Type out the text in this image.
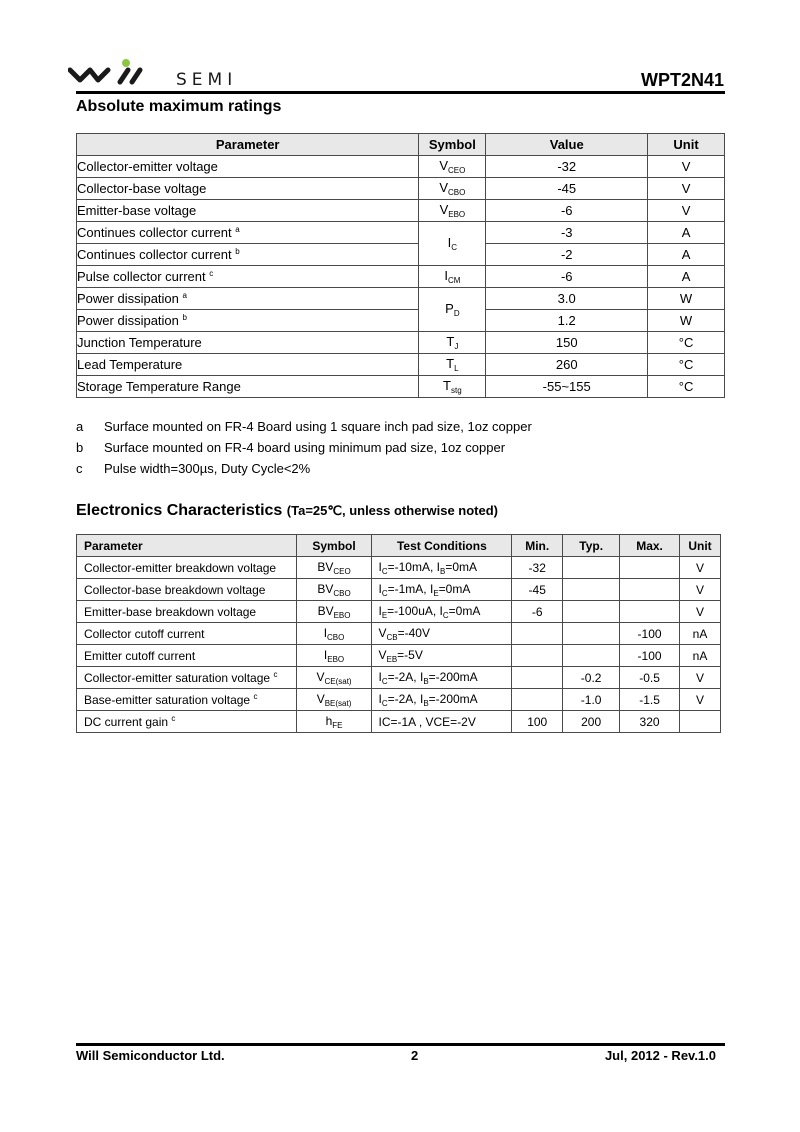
SEMI	WPT2N41
Absolute maximum ratings
Parameter	Symbol	Value	Unit
Collector-emitter voltage	$V_{CEO}$	-32	V
Collector-base voltage	$V_{CBO}$	-45	V
Emitter-base voltage	$V_{EBO}$	-6	V
Continues collector current $^a$	$I_C$	-3	A
Continues collector current $^b$		-2	A
Pulse collector current $^c$	$I_{CM}$	-6	A
Power dissipation $^a$	$P_D$	3.0	W
Power dissipation $^b$		1.2	W
Junction Temperature	$T_J$	150	°C
Lead Temperature	$T_L$	260	°C
Storage Temperature Range	$T_{stg}$	-55~155	°C
a	Surface mounted on FR-4 Board using 1 square inch pad size, 1oz copper
b	Surface mounted on FR-4 board using minimum pad size, 1oz copper
c	Pulse width=300µs, Duty Cycle<2%
Electronics Characteristics (Ta=25℃, unless otherwise noted)
Parameter	Symbol	Test Conditions	Min.	Typ.	Max.	Unit
Collector-emitter breakdown voltage	$BV_{CEO}$	$I_C=-10mA$, $I_B=0mA$	-32			V
Collector-base breakdown voltage	$BV_{CBO}$	$I_C=-1mA$, $I_E=0mA$	-45			V
Emitter-base breakdown voltage	$BV_{EBO}$	$I_E=-100uA$, $I_C=0mA$	-6			V
Collector cutoff current	$I_{CBO}$	$V_{CB}=-40V$			-100	nA
Emitter cutoff current	$I_{EBO}$	$V_{EB}=-5V$			-100	nA
Collector-emitter saturation voltage $^c$	$V_{CE(sat)}$	$I_C=-2A$, $I_B=-200mA$		-0.2	-0.5	V
Base-emitter saturation voltage $^c$	$V_{BE(sat)}$	$I_C=-2A$, $I_B=-200mA$		-1.0	-1.5	V
DC current gain $^c$	$h_{FE}$	IC=-1A , VCE=-2V	100	200	320	
Will Semiconductor Ltd.	2	Jul, 2012 - Rev.1.0
